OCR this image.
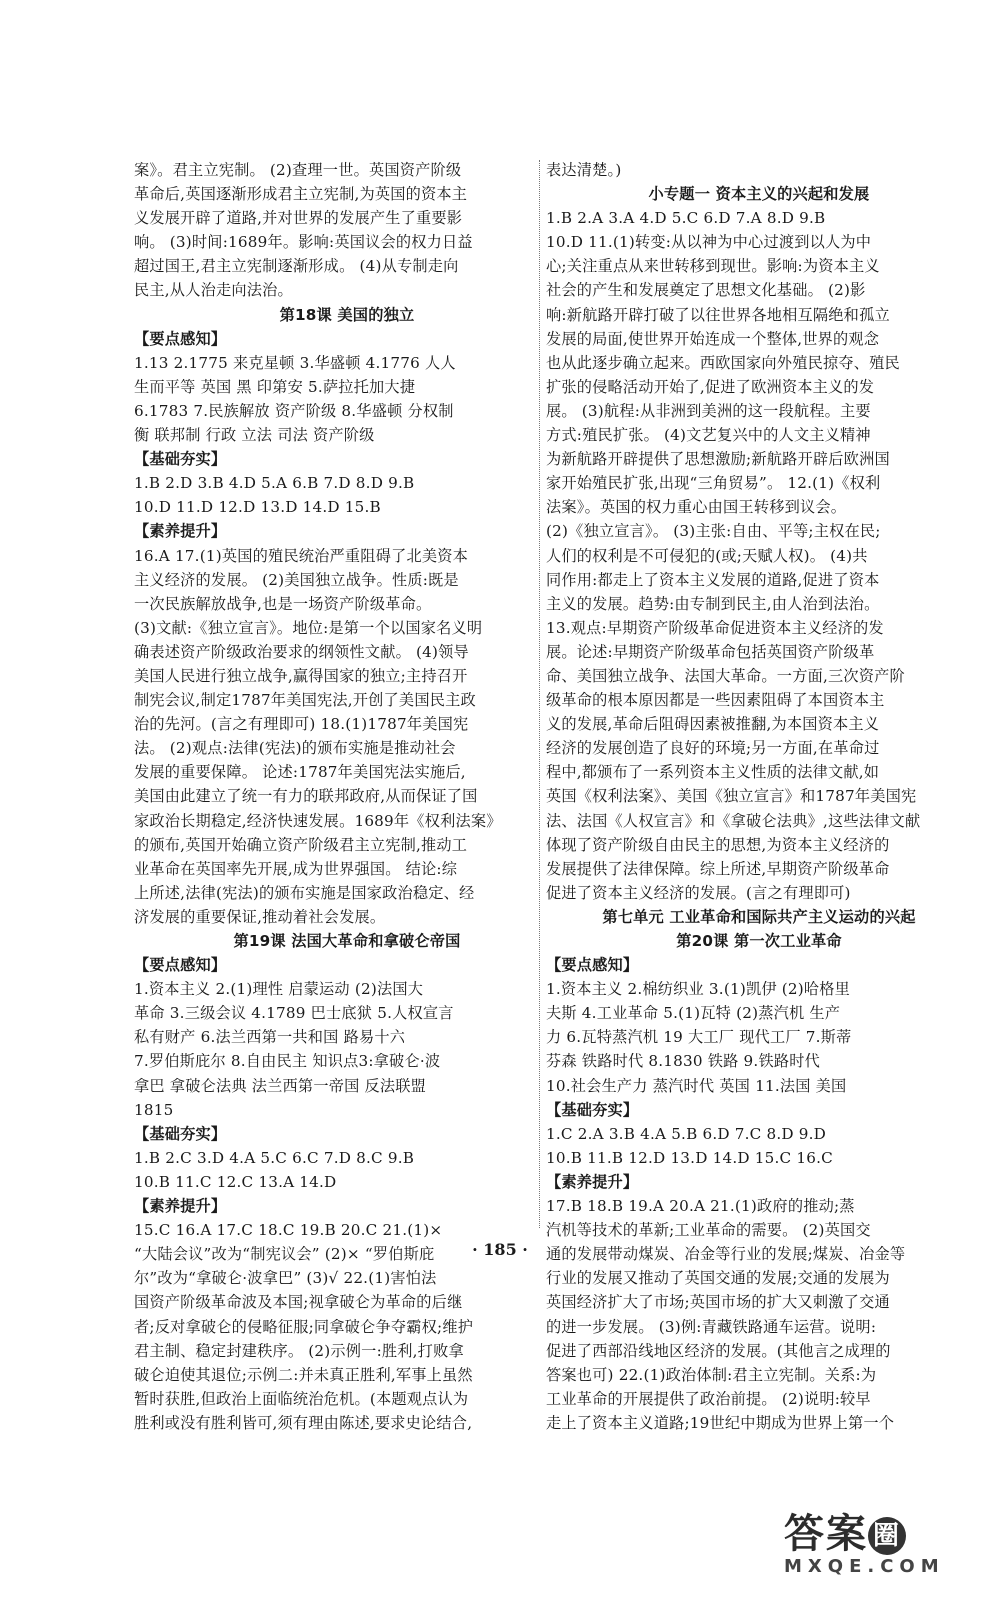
案》。君主立宪制。 (2)查理一世。英国资产阶级
革命后,英国逐渐形成君主立宪制,为英国的资本主
义发展开辟了道路,并对世界的发展产生了重要影
响。 (3)时间:1689年。影响:英国议会的权力日益
超过国王,君主立宪制逐渐形成。 (4)从专制走向
民主,从人治走向法治。
第18课 美国的独立
【要点感知】
1.13 2.1775 来克星顿 3.华盛顿 4.1776 人人
生而平等 英国 黑 印第安 5.萨拉托加大捷
6.1783 7.民族解放 资产阶级 8.华盛顿 分权制
衡 联邦制 行政 立法 司法 资产阶级
【基础夯实】
1.B 2.D 3.B 4.D 5.A 6.B 7.D 8.D 9.B
10.D 11.D 12.D 13.D 14.D 15.B
【素养提升】
16.A 17.(1)英国的殖民统治严重阻碍了北美资本
主义经济的发展。 (2)美国独立战争。性质:既是
一次民族解放战争,也是一场资产阶级革命。
(3)文献:《独立宣言》。地位:是第一个以国家名义明
确表述资产阶级政治要求的纲领性文献。 (4)领导
美国人民进行独立战争,赢得国家的独立;主持召开
制宪会议,制定1787年美国宪法,开创了美国民主政
治的先河。(言之有理即可) 18.(1)1787年美国宪
法。 (2)观点:法律(宪法)的颁布实施是推动社会
发展的重要保障。 论述:1787年美国宪法实施后,
美国由此建立了统一有力的联邦政府,从而保证了国
家政治长期稳定,经济快速发展。1689年《权利法案》
的颁布,英国开始确立资产阶级君主立宪制,推动工
业革命在英国率先开展,成为世界强国。 结论:综
上所述,法律(宪法)的颁布实施是国家政治稳定、经
济发展的重要保证,推动着社会发展。
第19课 法国大革命和拿破仑帝国
【要点感知】
1.资本主义 2.(1)理性 启蒙运动 (2)法国大
革命 3.三级会议 4.1789 巴士底狱 5.人权宣言
私有财产 6.法兰西第一共和国 路易十六
7.罗伯斯庇尔 8.自由民主 知识点3:拿破仑·波
拿巴 拿破仑法典 法兰西第一帝国 反法联盟
1815
【基础夯实】
1.B 2.C 3.D 4.A 5.C 6.C 7.D 8.C 9.B
10.B 11.C 12.C 13.A 14.D
【素养提升】
15.C 16.A 17.C 18.C 19.B 20.C 21.(1)×
“大陆会议”改为“制宪议会” (2)× “罗伯斯庇
尔”改为“拿破仑·波拿巴” (3)√ 22.(1)害怕法
国资产阶级革命波及本国;视拿破仑为革命的后继
者;反对拿破仑的侵略征服;同拿破仑争夺霸权;维护
君主制、稳定封建秩序。 (2)示例一:胜利,打败拿
破仑迫使其退位;示例二:并未真正胜利,军事上虽然
暂时获胜,但政治上面临统治危机。(本题观点认为
胜利或没有胜利皆可,须有理由陈述,要求史论结合,
表达清楚。)
小专题一 资本主义的兴起和发展
1.B 2.A 3.A 4.D 5.C 6.D 7.A 8.D 9.B
10.D 11.(1)转变:从以神为中心过渡到以人为中
心;关注重点从来世转移到现世。影响:为资本主义
社会的产生和发展奠定了思想文化基础。 (2)影
响:新航路开辟打破了以往世界各地相互隔绝和孤立
发展的局面,使世界开始连成一个整体,世界的观念
也从此逐步确立起来。西欧国家向外殖民掠夺、殖民
扩张的侵略活动开始了,促进了欧洲资本主义的发
展。 (3)航程:从非洲到美洲的这一段航程。主要
方式:殖民扩张。 (4)文艺复兴中的人文主义精神
为新航路开辟提供了思想激励;新航路开辟后欧洲国
家开始殖民扩张,出现“三角贸易”。 12.(1)《权利
法案》。英国的权力重心由国王转移到议会。
(2)《独立宣言》。 (3)主张:自由、平等;主权在民;
人们的权利是不可侵犯的(或;天赋人权)。 (4)共
同作用:都走上了资本主义发展的道路,促进了资本
主义的发展。趋势:由专制到民主,由人治到法治。
13.观点:早期资产阶级革命促进资本主义经济的发
展。论述:早期资产阶级革命包括英国资产阶级革
命、美国独立战争、法国大革命。一方面,三次资产阶
级革命的根本原因都是一些因素阻碍了本国资本主
义的发展,革命后阻碍因素被推翻,为本国资本主义
经济的发展创造了良好的环境;另一方面,在革命过
程中,都颁布了一系列资本主义性质的法律文献,如
英国《权利法案》、美国《独立宣言》和1787年美国宪
法、法国《人权宣言》和《拿破仑法典》,这些法律文献
体现了资产阶级自由民主的思想,为资本主义经济的
发展提供了法律保障。综上所述,早期资产阶级革命
促进了资本主义经济的发展。(言之有理即可)
第七单元 工业革命和国际共产主义运动的兴起
第20课 第一次工业革命
【要点感知】
1.资本主义 2.棉纺织业 3.(1)凯伊 (2)哈格里
夫斯 4.工业革命 5.(1)瓦特 (2)蒸汽机 生产
力 6.瓦特蒸汽机 19 大工厂 现代工厂 7.斯蒂
芬森 铁路时代 8.1830 铁路 9.铁路时代
10.社会生产力 蒸汽时代 英国 11.法国 美国
【基础夯实】
1.C 2.A 3.B 4.A 5.B 6.D 7.C 8.D 9.D
10.B 11.B 12.D 13.D 14.D 15.C 16.C
【素养提升】
17.B 18.B 19.A 20.A 21.(1)政府的推动;蒸
汽机等技术的革新;工业革命的需要。 (2)英国交
通的发展带动煤炭、冶金等行业的发展;煤炭、冶金等
行业的发展又推动了英国交通的发展;交通的发展为
英国经济扩大了市场;英国市场的扩大又刺激了交通
的进一步发展。 (3)例:青藏铁路通车运营。说明:
促进了西部沿线地区经济的发展。(其他言之成理的
答案也可) 22.(1)政治体制:君主立宪制。关系:为
工业革命的开展提供了政治前提。 (2)说明:较早
走上了资本主义道路;19世纪中期成为世界上第一个
· 185 ·
答案 圈
MXQE.COM
